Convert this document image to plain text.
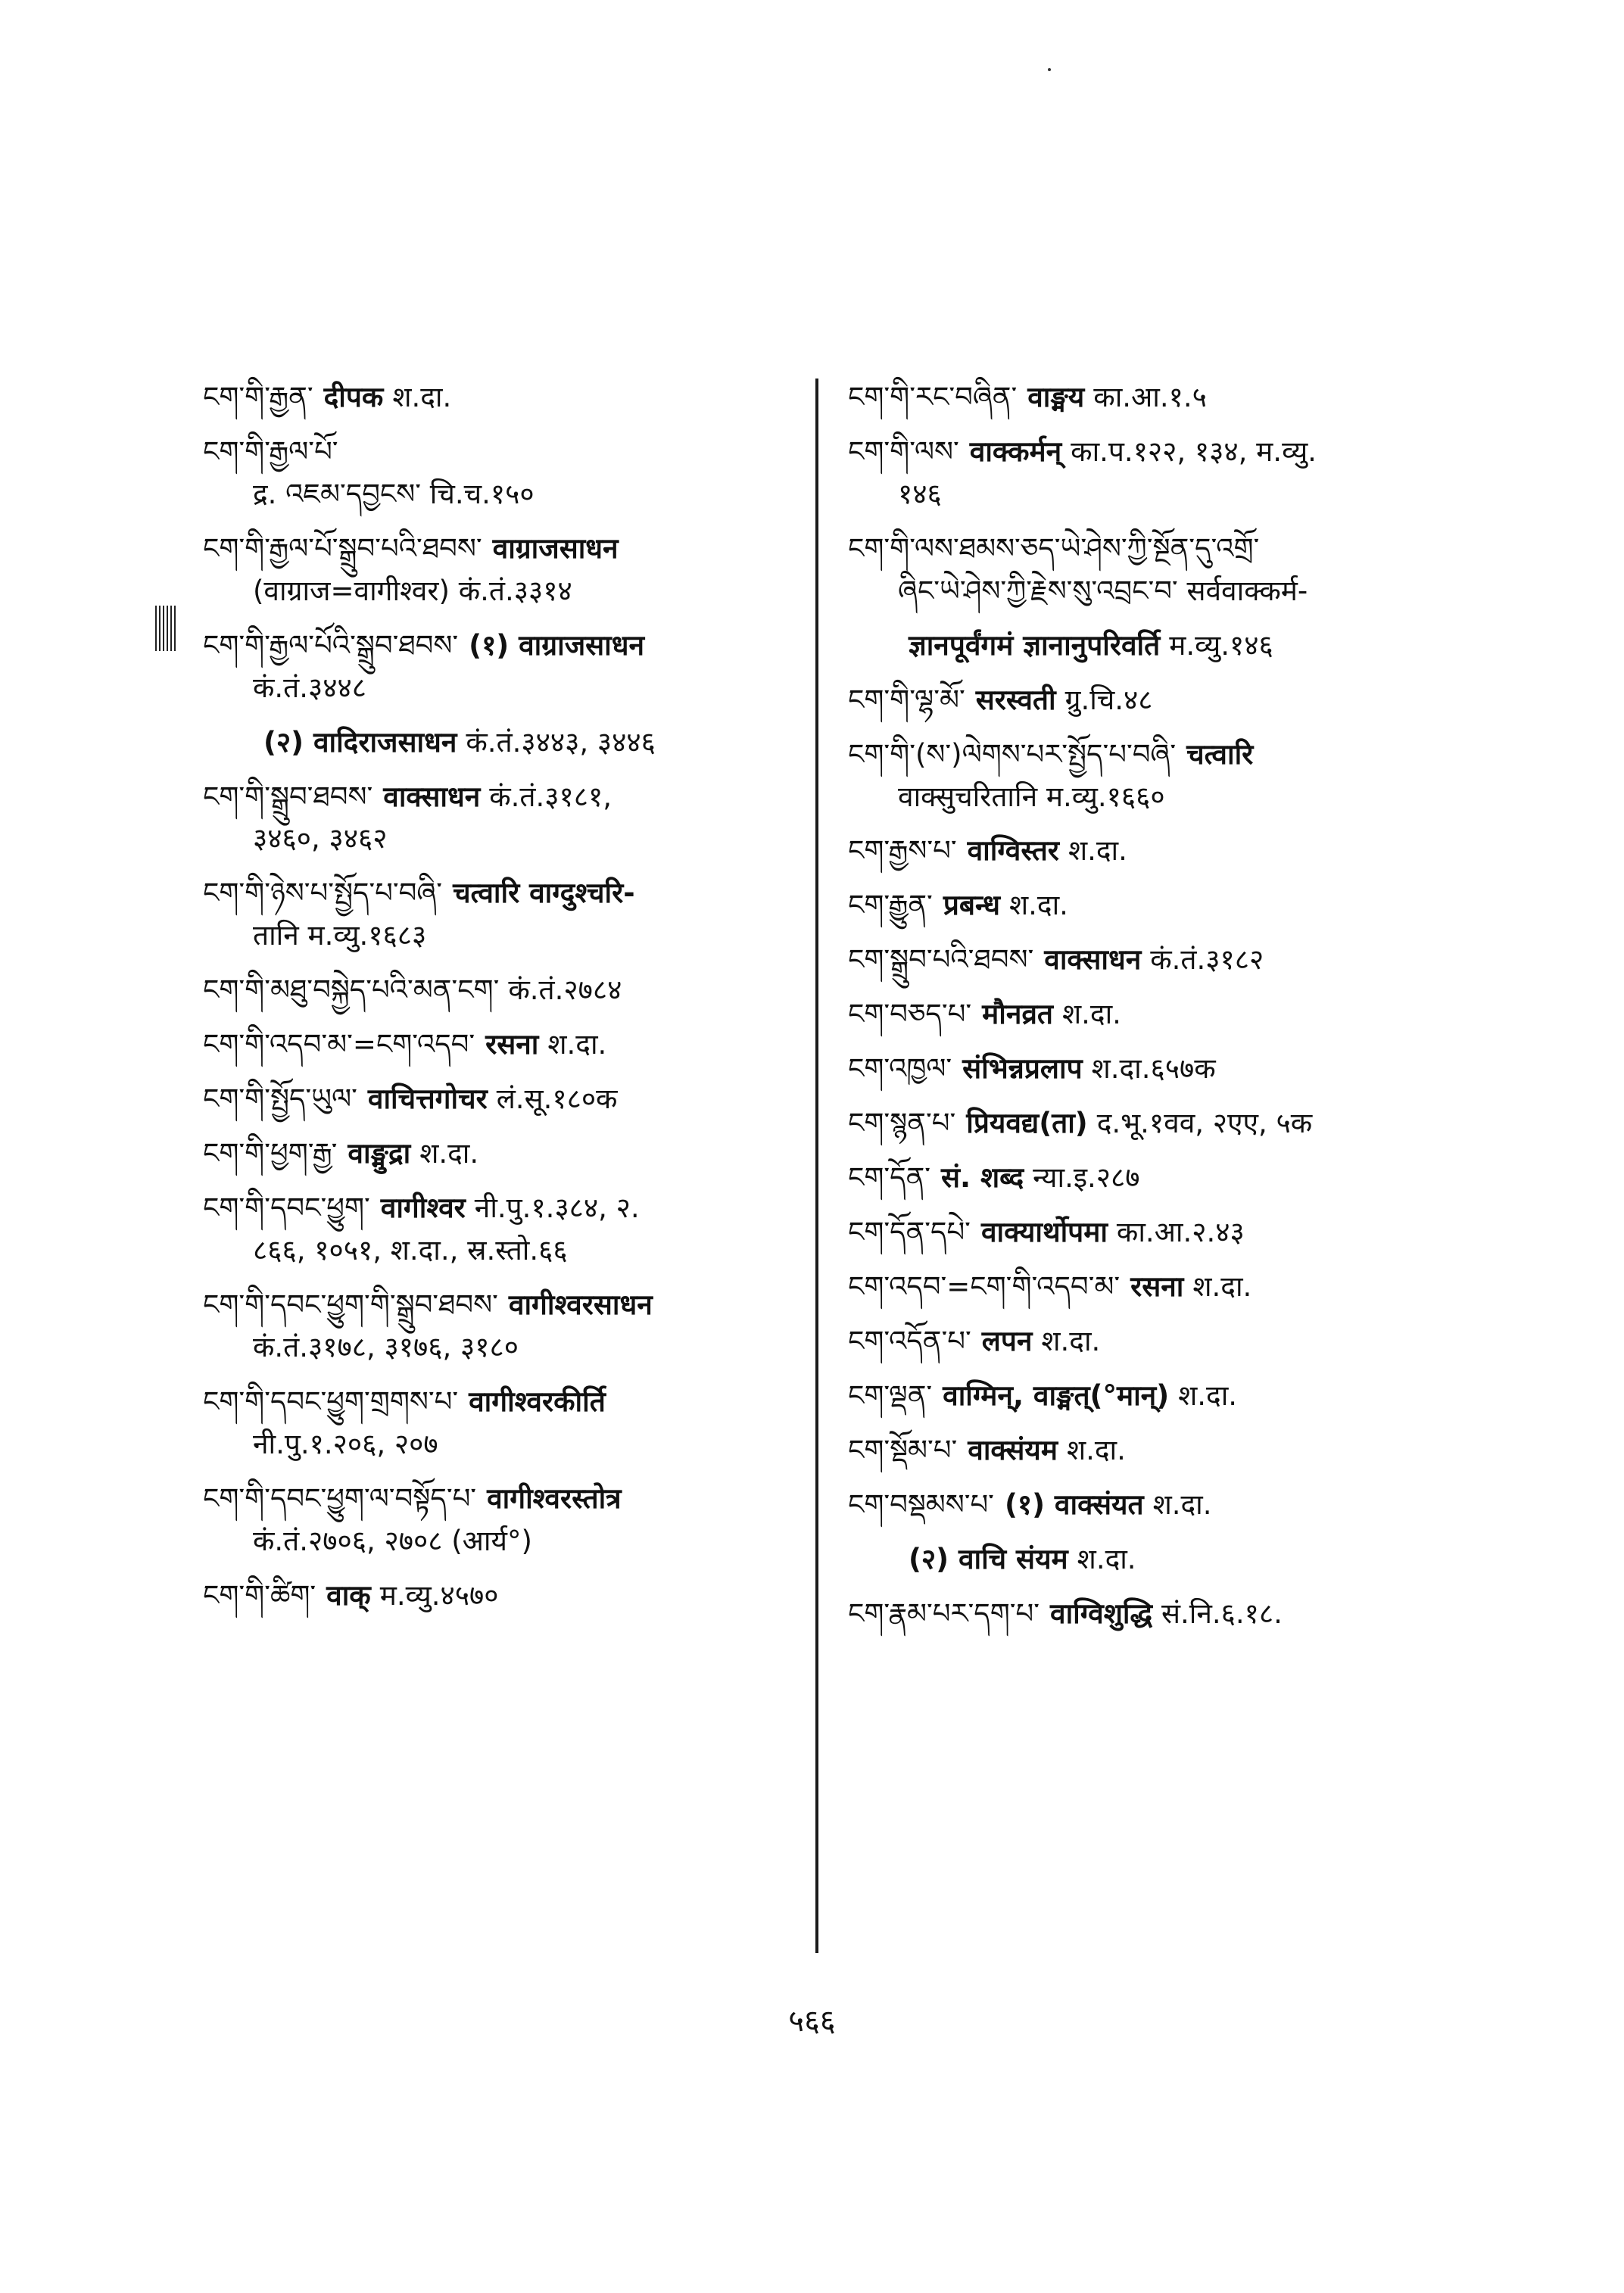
ངག་གི་རྒྱན་ दीपक श.दा.
ངག་གི་རྒྱལ་པོ་
द्र. འཇམ་དབྱངས་ चि.च.१५०
ངག་གི་རྒྱལ་པོ་སྒྲུབ་པའི་ཐབས་ वाग्राजसाधन
(वाग्राज=वागीश्वर) कं.तं.३३१४
ངག་གི་རྒྱལ་པོའི་སྒྲུབ་ཐབས་ (१) वाग्राजसाधन
कं.तं.३४४८
(२) वादिराजसाधन कं.तं.३४४३, ३४४६
ངག་གི་སྒྲུབ་ཐབས་ वाक्साधन कं.तं.३१८१,
३४६०, ३४६२
ངག་གི་ཉེས་པ་སྤྱོད་པ་བཞི་ चत्वारि वाग्दुश्चरि-
तानि म.व्यु.१६८३
ངག་གི་མཐུ་བསྐྱེད་པའི་མན་ངག་ कं.तं.२७८४
ངག་གི་འདབ་མ་=ངག་འདབ་ रसना श.दा.
ངག་གི་སྤྱོད་ཡུལ་ वाचित्तगोचर लं.सू.१८०क
ངག་གི་ཕྱག་རྒྱ་ वाङ्मुद्रा श.दा.
ངག་གི་དབང་ཕྱུག་ वागीश्वर नी.पु.१.३८४, २.
८६६, १०५१, श.दा., स्र.स्तो.६६
ངག་གི་དབང་ཕྱུག་གི་སྒྲུབ་ཐབས་ वागीश्वरसाधन
कं.तं.३१७८, ३१७६, ३१८०
ངག་གི་དབང་ཕྱུག་གྲགས་པ་ वागीश्वरकीर्ति
नी.पु.१.२०६, २०७
ངག་གི་དབང་ཕྱུག་ལ་བསྟོད་པ་ वागीश्वरस्तोत्र
कं.तं.२७०६, २७०८ (आर्य°)
ངག་གི་ཚིག་ वाक् म.व्यु.४५७०
ངག་གི་རང་བཞིན་ वाङ्मय का.आ.१.५
ངག་གི་ལས་ वाक्कर्मन् का.प.१२२, १३४, म.व्यु.
१४६
ངག་གི་ལས་ཐམས་ཅད་ཡེ་ཤེས་ཀྱི་སྔོན་དུ་འགྲོ་
ཞིང་ཡེ་ཤེས་ཀྱི་རྗེས་སུ་འབྲང་བ་ सर्ववाक्कर्म-
ज्ञानपूर्वंगमं ज्ञानानुपरिवर्ति म.व्यु.१४६
ངག་གི་ལྷ་མོ་ सरस्वती ग्रु.चि.४८
ངག་གི་(ས་)ལེགས་པར་སྤྱོད་པ་བཞི་ चत्वारि
वाक्सुचरितानि म.व्यु.१६६०
ངག་རྒྱས་པ་ वाग्विस्तर श.दा.
ངག་རྒྱུན་ प्रबन्ध श.दा.
ངག་སྒྲུབ་པའི་ཐབས་ वाक्साधन कं.तं.३१८२
ངག་བཅད་པ་ मौनव्रत श.दा.
ངག་འཁྱལ་ संभिन्नप्रलाप श.दा.६५७क
ངག་སྙན་པ་ प्रियवद्य(ता) द.भू.१वव, २एए, ५क
ངག་དོན་ सं. शब्द न्या.इ.२८७
ངག་དོན་དཔེ་ वाक्यार्थोपमा का.आ.२.४३
ངག་འདབ་=ངག་གི་འདབ་མ་ रसना श.दा.
ངག་འདོན་པ་ लपन श.दा.
ངག་ལྡན་ वाग्मिन्, वाङ्मत्(°मान्) श.दा.
ངག་སྡོམ་པ་ वाक्संयम श.दा.
ངག་བསྡམས་པ་ (१) वाक्संयत श.दा.
(२) वाचि संयम श.दा.
ངག་རྣམ་པར་དག་པ་ वाग्विशुद्धि सं.नि.६.१८.
५६६
